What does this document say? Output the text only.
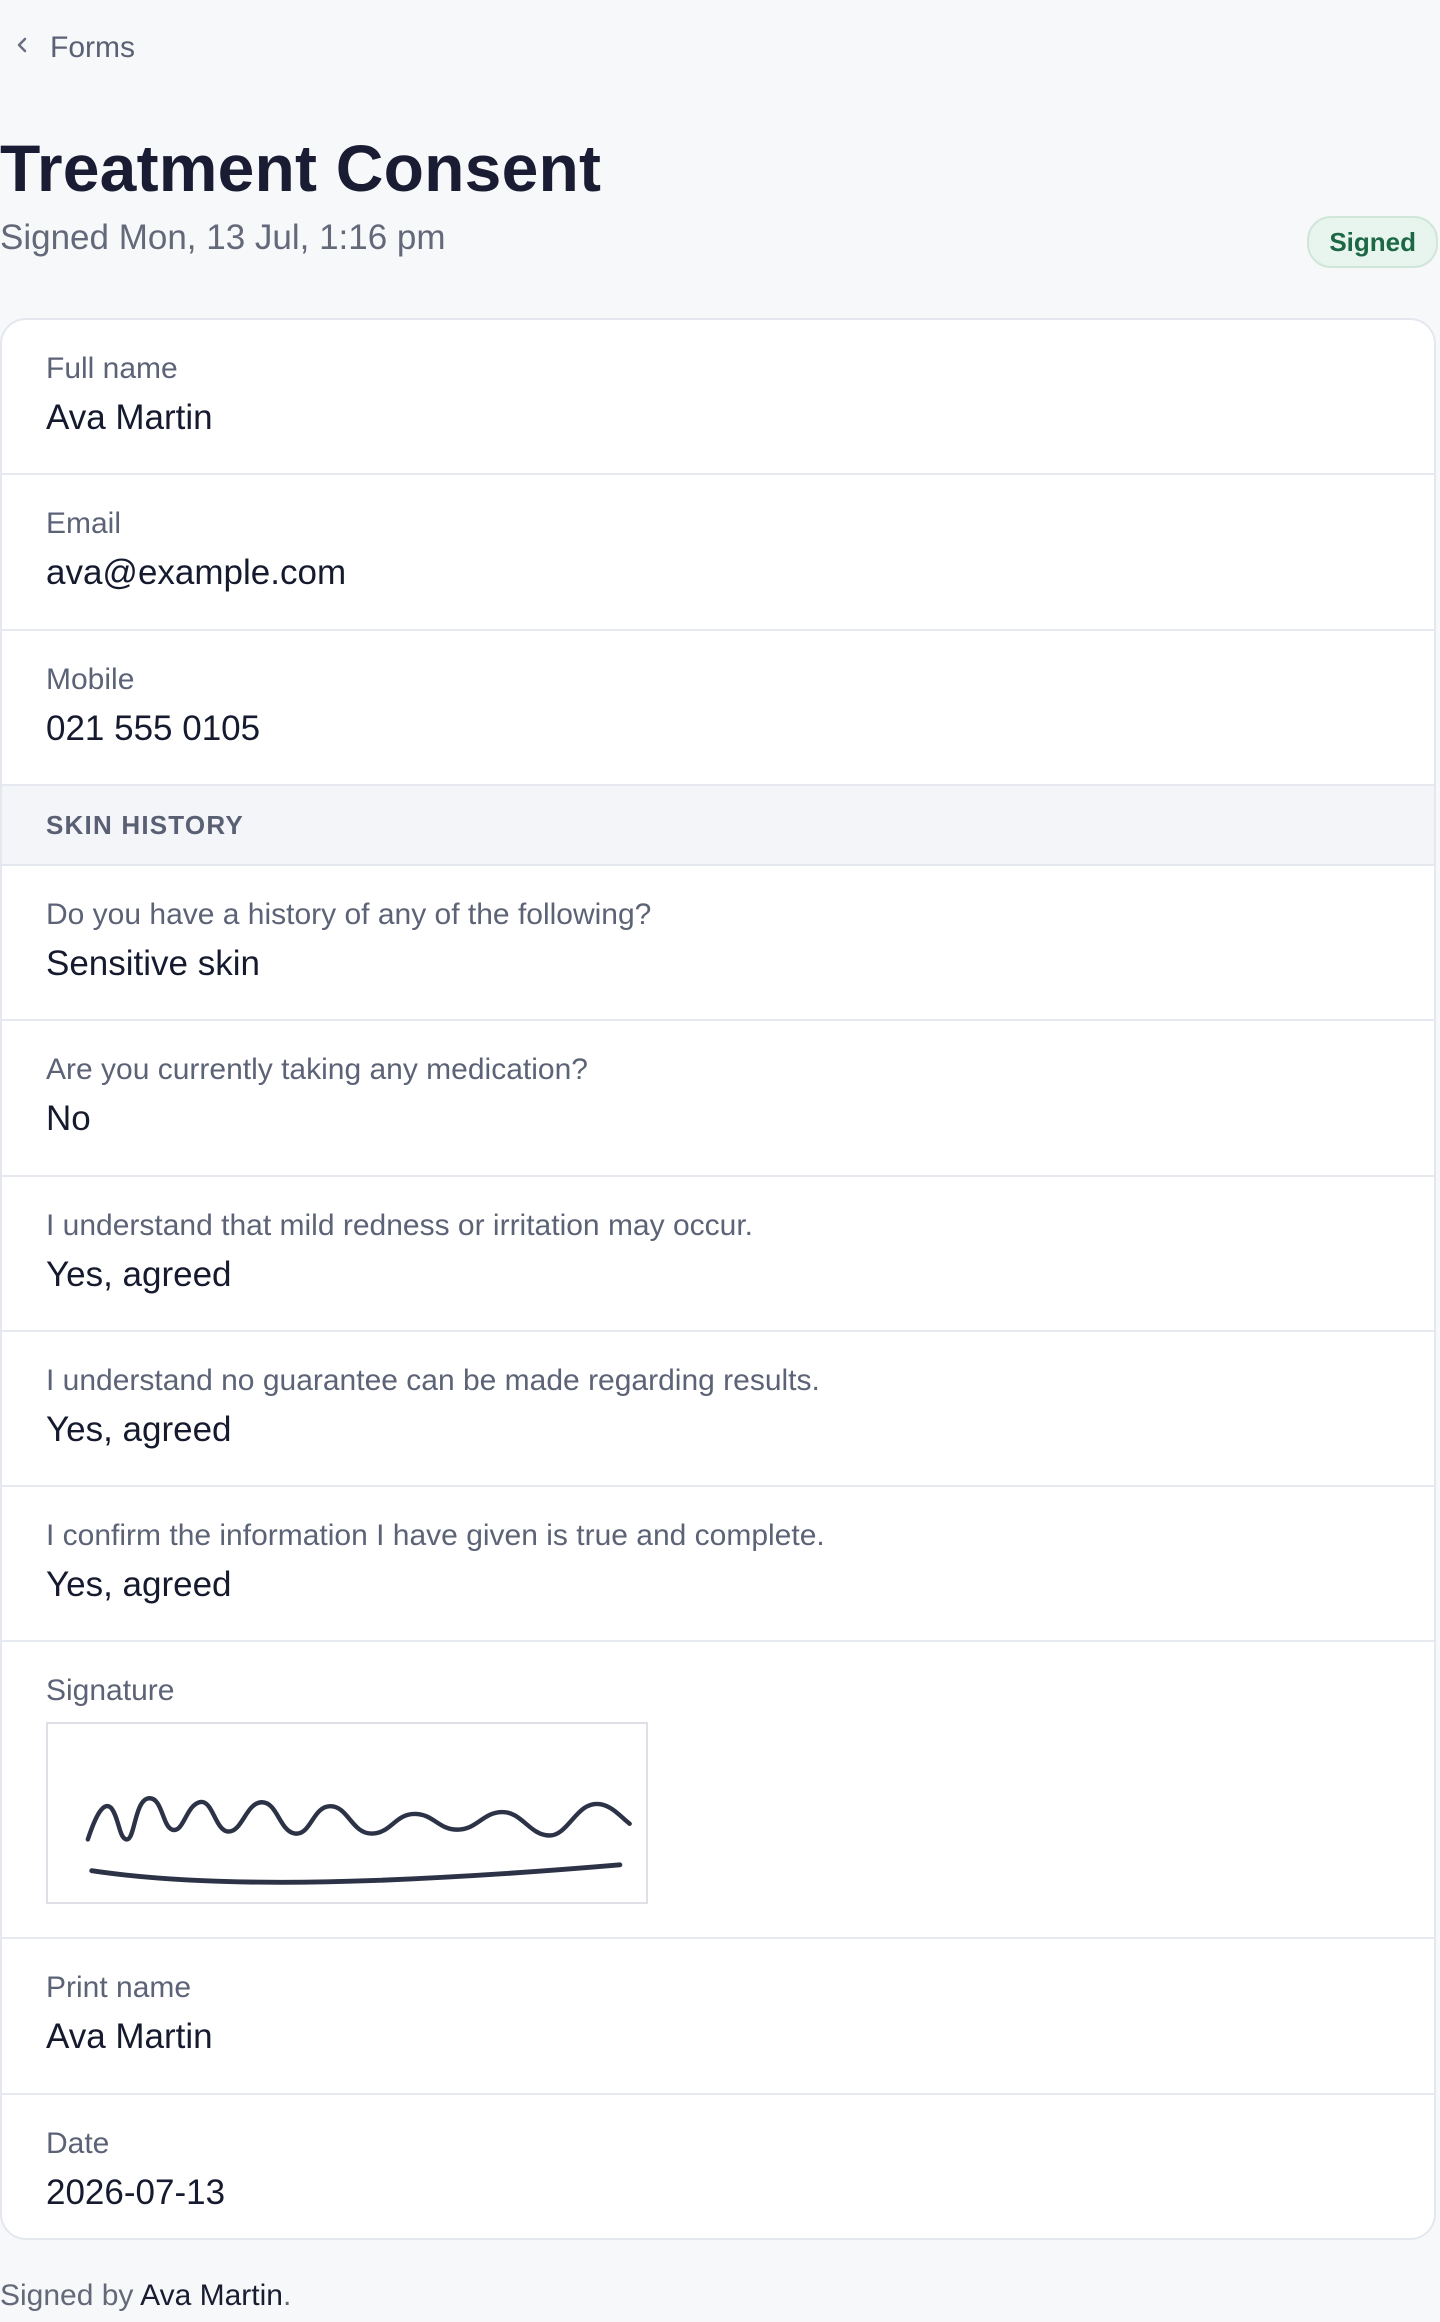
Forms
Treatment Consent

Signed Mon, 13 Jul, 1:16 pm	Signed
Full name
Ava Martin
Email
ava@example.com
Mobile
021 555 0105
SKIN HISTORY
Do you have a history of any of the following?
Sensitive skin
Are you currently taking any medication?
No
I understand that mild redness or irritation may occur.
Yes, agreed
I understand no guarantee can be made regarding results.
Yes, agreed
I confirm the information I have given is true and complete.
Yes, agreed
Signature
Print name
Ava Martin
Date
2026-07-13

Signed by Ava Martin.
